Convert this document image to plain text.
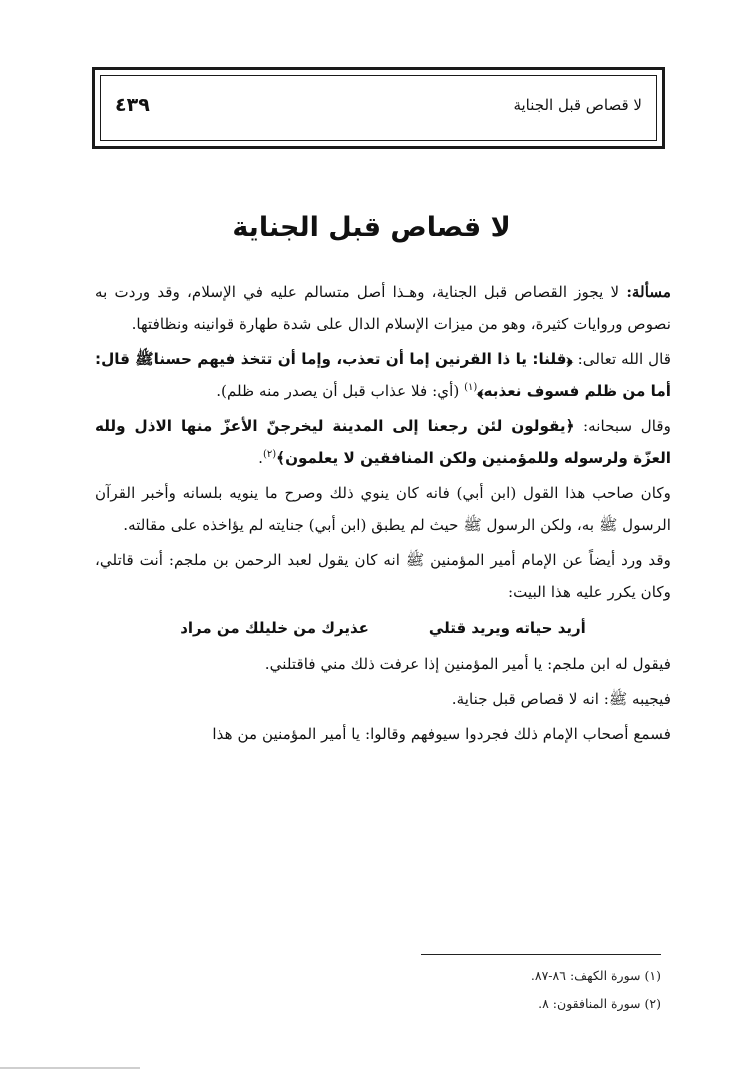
لا قصاص قبل الجناية
٤٣٩
لا قصاص قبل الجناية

مسألة: لا يجوز القصاص قبل الجناية، وهـذا أصل متسالم عليه في الإسلام، وقد وردت به نصوص وروايات كثيرة، وهو من ميزات الإسلام الدال على شدة طهارة قوانينه ونظافتها.

قال الله تعالى: ﴿قلنا: يا ذا القرنين إما أن تعذب، وإما أن تتخذ فيهم حسناﷺ قال: أما من ظلم فسوف نعذبه﴾$^{(١)}$ (أي: فلا عذاب قبل أن يصدر منه ظلم).

وقال سبحانه: ﴿يقولون لئن رجعنا إلى المدينة ليخرجنّ الأعزّ منها الاذل ولله العزّة ولرسوله وللمؤمنين ولكن المنافقين لا يعلمون﴾$^{(٢)}$.

وكان صاحب هذا القول (ابن أبي) فانه كان ينوي ذلك وصرح ما ينويه بلسانه وأخبر القرآن الرسول ﷺ به، ولكن الرسول ﷺ حيث لم يطبق (ابن أبي) جنايته لم يؤاخذه على مقالته.

وقد ورد أيضاً عن الإمام أمير المؤمنين ﷺ انه كان يقول لعبد الرحمن بن ملجم: أنت قاتلي، وكان يكرر عليه هذا البيت:

أريد حياته ويريد قتلي
عذيرك من خليلك من مراد

فيقول له ابن ملجم: يا أمير المؤمنين إذا عرفت ذلك مني فاقتلني.

فيجيبه ﷺ: انه لا قصاص قبل جناية.

فسمع أصحاب الإمام ذلك فجردوا سيوفهم وقالوا: يا أمير المؤمنين من هذا

(١) سورة الكهف: ٨٦-٨٧.
(٢) سورة المنافقون: ٨.
